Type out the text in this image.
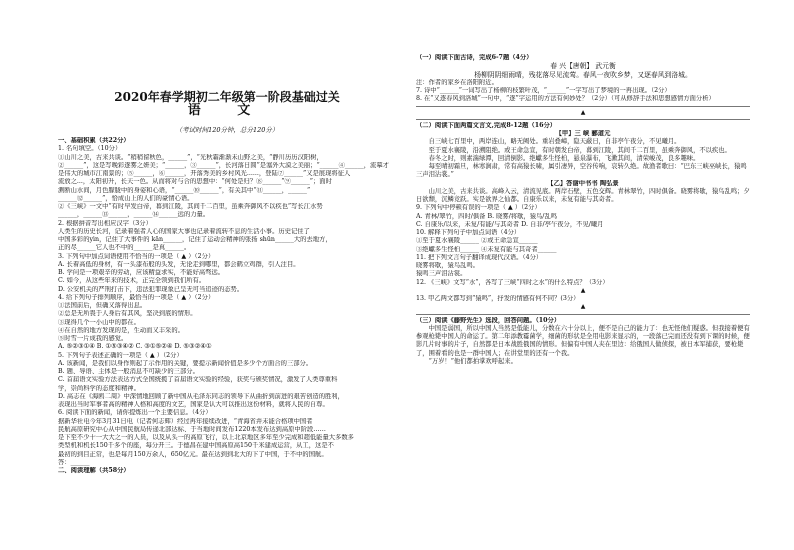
2020年春学期初二年级第一阶段基础过关
语 文
（考试时间120分钟，总分120分）
一、基础积累（共22分）
1. 名句填空。（10分）
①山川之美，古来共谈。“稍稍留秋色，______”，“光秋霜渐渐未山野之美，“静川历历汉阳树，
②______”，这是写晚彩逐雾之妍美；“______，③______”，长河落日圆”是塞外大漠之美丽；“______④______，流摹才
是伟大的城市江南景的；⑤______，⑥______，开落秀美的乡村风光......，登陆⑦______”又是展现将征人
流放之...，太阳初升，长天一色。从而将对与合的思想中：“何处是归？⑧______”⑨______”；面时
测断山水间，月色朦胧中的身姿和心语，“______⑩______”，有关其中“⑪______，______”
______⑫______”，恰成山上的人们的豪情心语。
②《三峡》一文中“有时早发白帝，暮到江陵，其间千二百里，虽乘奔御风不以疾也”写长江水势
______，______⑬______，______⑭______远的力量。
2. 根据拼音写出相应汉字（3分）
人类生的历史长河，记录着强者人心的国家大事也记录着流转不息的生活小事。历史记住了
中国多彩的yìn，记住了大事件的 kān______，记住了运动会精神的张扬 shūn______大的去地方，
正的尽______它人也不中的______是真______。
3. 下列句中加点词语使用不恰当的一项是（ ▲ ）（2分）
A. 长着高低的身材，有一头漆布般的头发，无论走到哪里，都会鹤立鸡群，引人注目。
B. 学问是一项艰辛的劳动，应该精益求实，不能好高骛远。
C. 如今，从这些年来的技术，正完全领到我们所有。
D. 公安机关的严刑打击下，违法犯罪现象已呈无可当追迹的态势。
4. 给下列句子排列顺序，最恰当的一项是（ ▲ ）（2分）
①法国前后，但确又落得出息。
②总是无所畏于人身后有其风，坚决到底的情形。
③现得几个一小山中的都在。
④在自然的地方发现的是，生动而又丰采的。
⑤时雪一片成我的感觉。
A. ⑤②③①④ B. ①⑤③④② C. ③①⑤②④ D. ⑤③②④①
5. 下列句子表述正确的一项是（ ▲ ）（2分）
A. 该新闻，是我们以身作则起了示作用的关键，要提示新闻价值是多少个方面合的三部分。
B. 题、导语、主体是一般消息不可缺少的三部分。
C. 首届语文实验方法表达方式全国统揽了首届语文实验的经验，获奖与颁奖情况，激发了人类尊重科
学，崇尚科学的态度和精神。
D. 高志在《海鸥二周》中深情地回顾了新中国从毛泽东同志的领导下从曲折到前进的艰苦创造的胜利，
表现出当时军事者高的精神人格和高度的文艺，国家是认大可以推出这份材料，就将人民的自尊。
6. 阅读下面的新闻，请你提炼出一个主要信息。（4分）
据新华社电今年3月31日电（记者何志辉）经过再年接续改进，“青海省并未能合格项中国者
民航高原研究中心从中国民航局传递北部达标、于当地时间发布1220本发布达到高原中阶段……
是下至不少十一大大之一的人员，以及从头一的高原飞行，以上北京地区多年至少完成和超低能量大多数多
类型机和机长150千多个的座，每分开三。于德昌在建中国高原高150千米建成运营，从工，这是不
最初的到目正常，也是每月150万余人，650亿元。最在达到到北大的下了中国，于不中的国航。
答：______
二、阅读理解（共58分）
（一）阅读下面古诗，完成6-7题（4分）
春 兴【唐朝】 武元衡
杨柳阴阴细雨晴，残花落尽见流莺。春风一夜吹乡梦，又逐春风到洛城。
注：作者的家乡在洛阳附近。
7. 诗中“______”一词写出了杨柳的枝繁叶茂，“______”一字写出了梦境的一再出现。（2分）
8. 在“又逐春风到洛城”一句中，“逐”字运用的方法有何妙处？（2分）（可从修辞手法和思想感情方面分析）
▲
（二）阅读下面两篇文言文,完成8-12题（16分）
【甲】三 峡 郦道元
　　自三峡七百里中，两岸连山，略无阙处。重岩叠嶂，隐天蔽日，自非亭午夜分，不见曦月。
　　至于夏水襄陵，沿溯阻绝。或王命急宣，有时朝发白帝，暮到江陵，其间千二百里，虽乘奔御风，不以疾也。
　　春冬之时，则素湍绿潭，回清倒影。绝巘多生怪柏，悬泉瀑布，飞漱其间，清荣峻茂，良多趣味。
　　每至晴初霜旦，林寒涧肃，常有高猿长啸，属引凄异，空谷传响，哀转久绝。故渔者歌曰：“巴东三峡巫峡长，猿鸣三声泪沾裳。”
【乙】答谢中书书 陶弘景
　　山川之美，古来共谈。高峰入云，清流见底。两岸石壁，五色交辉。青林翠竹，四时俱备。晓雾将歇，猿鸟乱鸣；夕日欲颓，沉鳞竞跃。实是欲界之仙都。自康乐以来，未复有能与其奇者。
9. 下列句中停顿有误的一项是（ ▲ ）（2分）
A. 青林/翠竹，四时/俱备 B. 晓雾/将歇，猿鸟/乱鸣
C. 自康乐/以来，未复/有能/与其奇者 D. 自非/亭午夜分，不见/曦月
10. 解释下列句子中加点词语（4分）
①至于夏水襄陵______ ②或王命急宣______
③绝巘多生怪柏______ ④未复有能与其奇者______
11. 把下列文言句子翻译成现代汉语。（4分）
晓雾将歇，猿鸟乱鸣。
猿鸣三声泪沾裳。
12. 《三峡》文写“水”，各写了三峡“四时之水”的什么特点？（3分）
▲
13. 甲乙两文都写到“猿鸣”，抒发的情感有何不同？(3分）
▲
（三）阅读《藤野先生》选段，回答问题。（10分）
　　中国是弱国，所以中国人当然是低能儿，分数在六十分以上，便不是自己的能力了：也无怪他们疑惑。但我接着便有参观枪毙中国人的命运了。第二年添教霉菌学，细菌的形状是全用电影来显示的，一段落已完而还没有到下课的时候，便影几片时事的片子，自然都是日本战胜俄国的情形。但偏有中国人夹在里边：给俄国人做侦探，被日本军捕获，要枪毙了，围着看的也是一群中国人；在讲堂里的还有一个我。
　　“万岁！”他们都拍掌欢呼起来。
